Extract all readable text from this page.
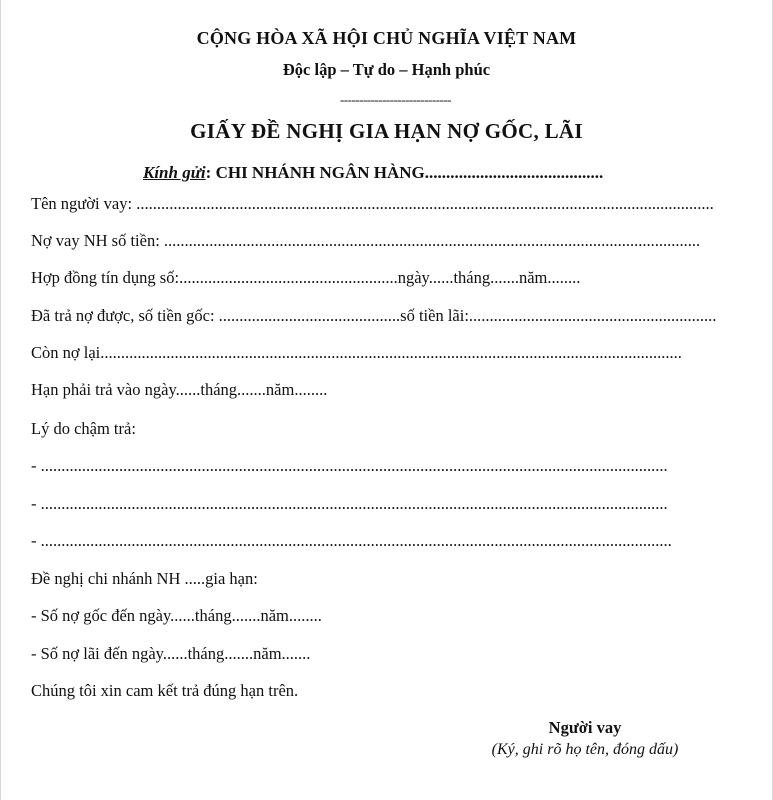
CỘNG HÒA XÃ HỘI CHỦ NGHĨA VIỆT NAM
Độc lập – Tự do – Hạnh phúc
-----------------------------
GIẤY ĐỀ NGHỊ GIA HẠN NỢ GỐC, LÃI
Kính gửi: CHI NHÁNH NGÂN HÀNG..........................................
Tên người vay: ............................................................................................................................................
Nợ vay NH số tiền: ..................................................................................................................................
Hợp đồng tín dụng số:.....................................................ngày......tháng.......năm........
Đã trả nợ được, số tiền gốc: ............................................số tiền lãi:............................................................
Còn nợ lại.............................................................................................................................................
Hạn phải trả vào ngày......tháng.......năm........
Lý do chậm trả:
- ........................................................................................................................................................
- ........................................................................................................................................................
- .........................................................................................................................................................
Đề nghị chi nhánh NH .....gia hạn:
- Số nợ gốc đến ngày......tháng.......năm........
- Số nợ lãi đến ngày......tháng.......năm.......
Chúng tôi xin cam kết trả đúng hạn trên.
Người vay
(Ký, ghi rõ họ tên, đóng dấu)
